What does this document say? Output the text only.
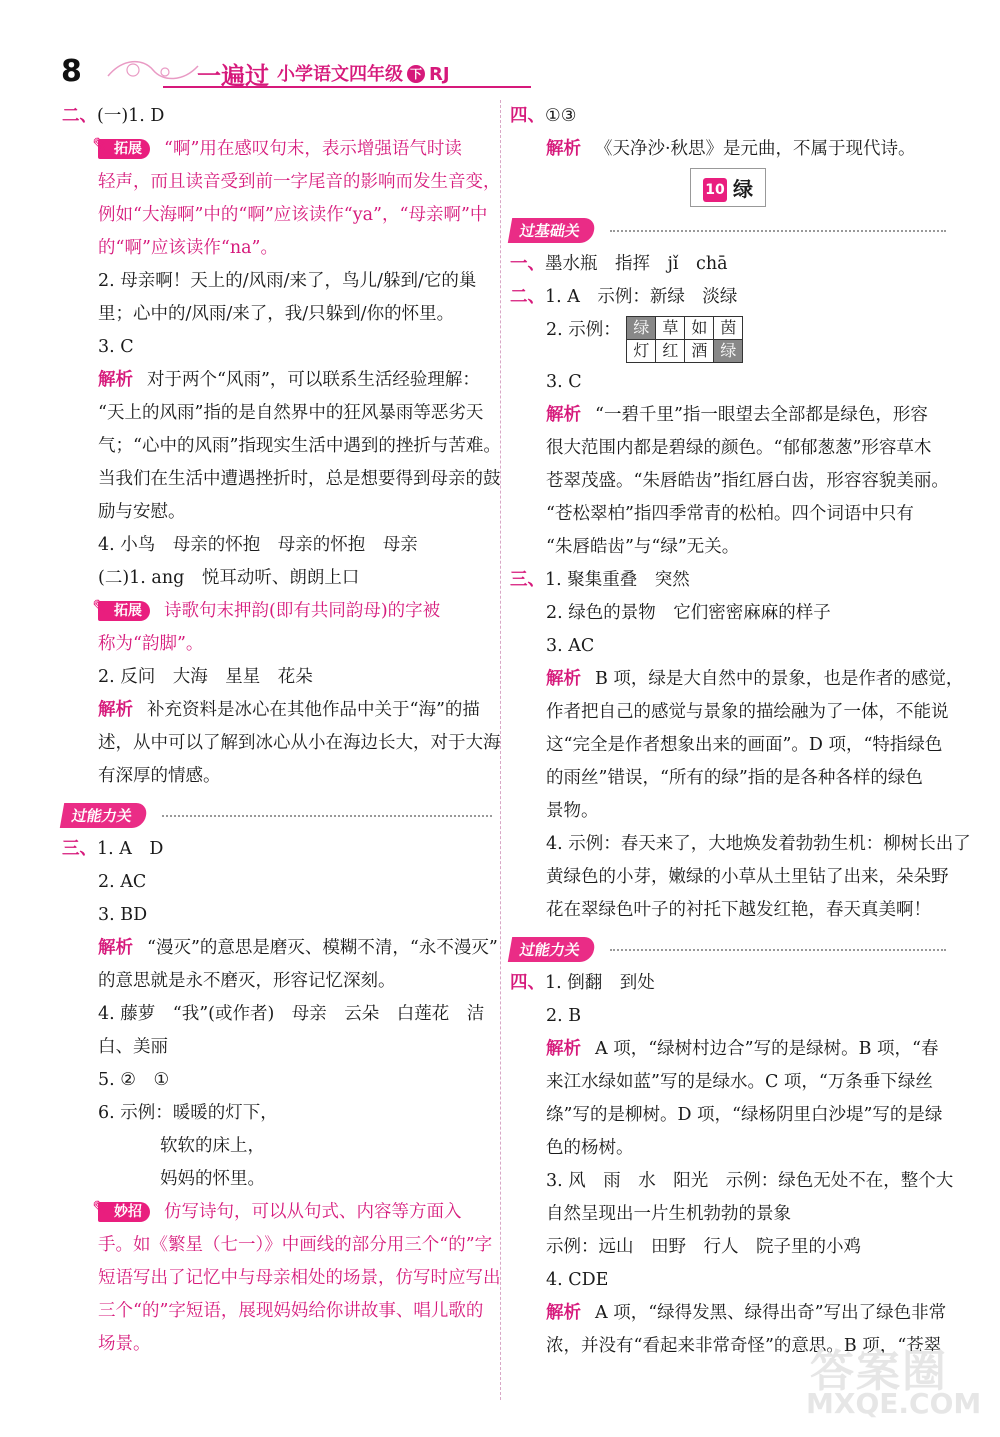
8	一遍过 小学语文四年级 下 RJ
二、(一)1. D
✎ 拓展 “啊”用在感叹句末，表示增强语气时读
轻声，而且读音受到前一字尾音的影响而发生音变，
例如“大海啊”中的“啊”应该读作“ya”，“母亲啊”中
的“啊”应该读作“na”。
2. 母亲啊！天上的/风雨/来了，鸟儿/躲到/它的巢
里；心中的/风雨/来了，我/只躲到/你的怀里。
3. C
解析 对于两个“风雨”，可以联系生活经验理解：
“天上的风雨”指的是自然界中的狂风暴雨等恶劣天
气；“心中的风雨”指现实生活中遇到的挫折与苦难。
当我们在生活中遭遇挫折时，总是想要得到母亲的鼓
励与安慰。
4. 小鸟　母亲的怀抱　母亲的怀抱　母亲
(二)1. ang　悦耳动听、朗朗上口
✎ 拓展 诗歌句末押韵(即有共同韵母)的字被
称为“韵脚”。
2. 反问　大海　星星　花朵
解析 补充资料是冰心在其他作品中关于“海”的描
述，从中可以了解到冰心从小在海边长大，对于大海
有深厚的情感。
过能力关
三、1. A　D
2. AC
3. BD
解析 “漫灭”的意思是磨灭、模糊不清，“永不漫灭”
的意思就是永不磨灭，形容记忆深刻。
4. 藤萝　“我”(或作者)　母亲　云朵　白莲花　洁
白、美丽
5. ②　①
6. 示例：暖暖的灯下，
软软的床上，
妈妈的怀里。
✎ 妙招 仿写诗句，可以从句式、内容等方面入
手。如《繁星（七一）》中画线的部分用三个“的”字
短语写出了记忆中与母亲相处的场景，仿写时应写出
三个“的”字短语，展现妈妈给你讲故事、唱儿歌的
场景。
四、①③
解析 《天净沙·秋思》是元曲，不属于现代诗。
10 绿
过基础关
一、墨水瓶　指挥　jǐ　chā
二、1. A　示例：新绿　淡绿
2. 示例： 绿	草	如	茵
灯	红	酒	绿
3. C
解析 “一碧千里”指一眼望去全部都是绿色，形容
很大范围内都是碧绿的颜色。“郁郁葱葱”形容草木
苍翠茂盛。“朱唇皓齿”指红唇白齿，形容容貌美丽。
“苍松翠柏”指四季常青的松柏。四个词语中只有
“朱唇皓齿”与“绿”无关。
三、1. 聚集重叠　突然
2. 绿色的景物　它们密密麻麻的样子
3. AC
解析 B 项，绿是大自然中的景象，也是作者的感觉，
作者把自己的感觉与景象的描绘融为了一体，不能说
这“完全是作者想象出来的画面”。D 项，“特指绿色
的雨丝”错误，“所有的绿”指的是各种各样的绿色
景物。
4. 示例：春天来了，大地焕发着勃勃生机：柳树长出了
黄绿色的小芽，嫩绿的小草从土里钻了出来，朵朵野
花在翠绿色叶子的衬托下越发红艳，春天真美啊！
过能力关
四、1. 倒翻　到处
2. B
解析 A 项，“绿树村边合”写的是绿树。B 项，“春
来江水绿如蓝”写的是绿水。C 项，“万条垂下绿丝
绦”写的是柳树。D 项，“绿杨阴里白沙堤”写的是绿
色的杨树。
3. 风　雨　水　阳光　示例：绿色无处不在，整个大
自然呈现出一片生机勃勃的景象
示例：远山　田野　行人　院子里的小鸡
4. CDE
解析 A 项，“绿得发黑、绿得出奇”写出了绿色非常
浓，并没有“看起来非常奇怪”的意思。B 项，“苍翠
答案圈
MXQE.COM
